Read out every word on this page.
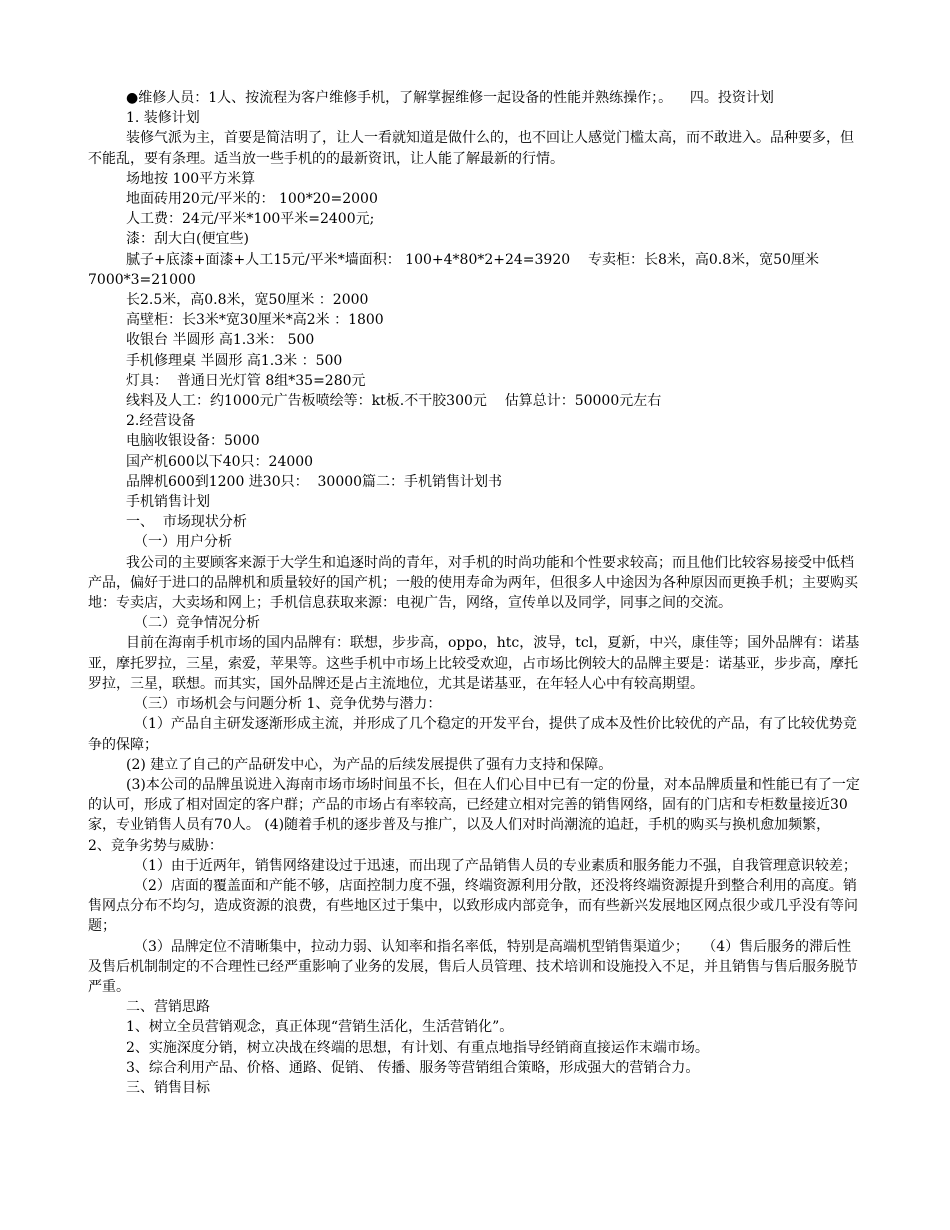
●维修人员：1人、按流程为客户维修手机，了解掌握维修一起设备的性能并熟练操作；。    四。投资计划

1. 装修计划

装修气派为主，首要是简洁明了，让人一看就知道是做什么的，也不回让人感觉门槛太高，而不敢进入。品种要多，但不能乱，要有条理。适当放一些手机的的最新资讯，让人能了解最新的行情。

场地按 100平方米算

地面砖用20元/平米的： 100*20=2000

人工费：24元/平米*100平米=2400元;

漆：刮大白(便宜些)

腻子+底漆+面漆+人工15元/平米*墙面积： 100+4*80*2+24=3920    专卖柜：长8米，高0.8米，宽50厘米 7000*3=21000

长2.5米，高0.8米，宽50厘米 ：2000

高壁柜：长3米*宽30厘米*高2米 ：1800

收银台 半圆形 高1.3米： 500

手机修理桌 半圆形 高1.3米 ：500

灯具：  普通日光灯管 8组*35=280元

线料及人工：约1000元广告板喷绘等：kt板.不干胶300元    估算总计：50000元左右

2.经营设备

电脑收银设备：5000

国产机600以下40只：24000

品牌机600到1200 进30只：  30000篇二：手机销售计划书

手机销售计划

一、  市场现状分析

（一）用户分析

我公司的主要顾客来源于大学生和追逐时尚的青年，对手机的时尚功能和个性要求较高；而且他们比较容易接受中低档产品，偏好于进口的品牌机和质量较好的国产机；一般的使用寿命为两年，但很多人中途因为各种原因而更换手机；主要购买地：专卖店，大卖场和网上；手机信息获取来源：电视广告，网络，宣传单以及同学，同事之间的交流。

（二）竞争情况分析

目前在海南手机市场的国内品牌有：联想，步步高，oppo，htc，波导，tcl，夏新，中兴，康佳等；国外品牌有：诺基亚，摩托罗拉，三星，索爱，苹果等。这些手机中市场上比较受欢迎，占市场比例较大的品牌主要是：诺基亚，步步高，摩托罗拉，三星，联想。而其实，国外品牌还是占主流地位，尤其是诺基亚，在年轻人心中有较高期望。

（三）市场机会与问题分析 1、竞争优势与潜力：

（1）产品自主研发逐渐形成主流，并形成了几个稳定的开发平台，提供了成本及性价比较优的产品，有了比较优势竞争的保障；

(2) 建立了自己的产品研发中心，为产品的后续发展提供了强有力支持和保障。

(3)本公司的品牌虽说进入海南市场市场时间虽不长，但在人们心目中已有一定的份量，对本品牌质量和性能已有了一定的认可，形成了相对固定的客户群；产品的市场占有率较高，已经建立相对完善的销售网络，固有的门店和专柜数量接近30家，专业销售人员有70人。 (4)随着手机的逐步普及与推广，以及人们对时尚潮流的追赶，手机的购买与换机愈加频繁，          2、竞争劣势与威胁：

（1）由于近两年，销售网络建设过于迅速，而出现了产品销售人员的专业素质和服务能力不强，自我管理意识较差；

（2）店面的覆盖面和产能不够，店面控制力度不强，终端资源利用分散，还没将终端资源提升到整合利用的高度。销售网点分布不均匀，造成资源的浪费，有些地区过于集中，以致形成内部竞争，而有些新兴发展地区网点很少或几乎没有等问题；

（3）品牌定位不清晰集中，拉动力弱、认知率和指名率低，特别是高端机型销售渠道少；   （4）售后服务的滞后性及售后机制制定的不合理性已经严重影响了业务的发展，售后人员管理、技术培训和设施投入不足，并且销售与售后服务脱节严重。

二、营销思路

1、树立全员营销观念，真正体现“营销生活化，生活营销化”。

2、实施深度分销，树立决战在终端的思想，有计划、有重点地指导经销商直接运作末端市场。

3、综合利用产品、价格、通路、促销、 传播、服务等营销组合策略，形成强大的营销合力。

三、销售目标
